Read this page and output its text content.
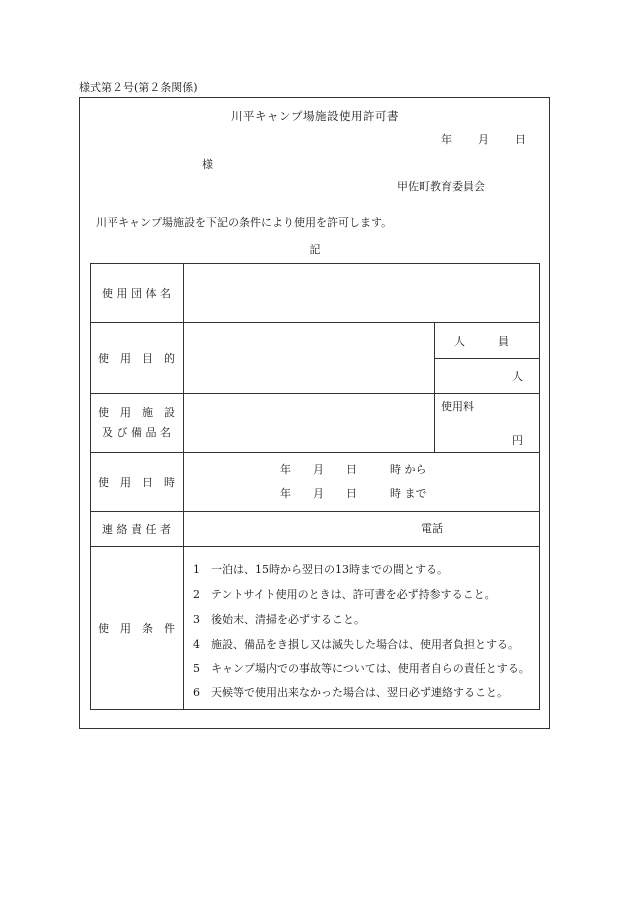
様式第２号(第２条関係)
川平キャンプ場施設使用許可書
年 月 日
様
甲佐町教育委員会
川平キャンプ場施設を下記の条件により使用を許可します。
記
使 用 団 体 名
使　用　目　的
人　　　員
人
使　用　施　設
及 び 備 品 名
使用料
円
使　用　日　時
年　　月　　日　　　時 から
年　　月　　日　　　時 まで
連 絡 責 任 者	電話
使　用　条　件
1 一泊は、15時から翌日の13時までの間とする。
2 テントサイト使用のときは、許可書を必ず持参すること。
3 後始末、清掃を必ずすること。
4 施設、備品をき損し又は滅失した場合は、使用者負担とする。
5 キャンプ場内での事故等については、使用者自らの責任とする。
6 天候等で使用出来なかった場合は、翌日必ず連絡すること。
